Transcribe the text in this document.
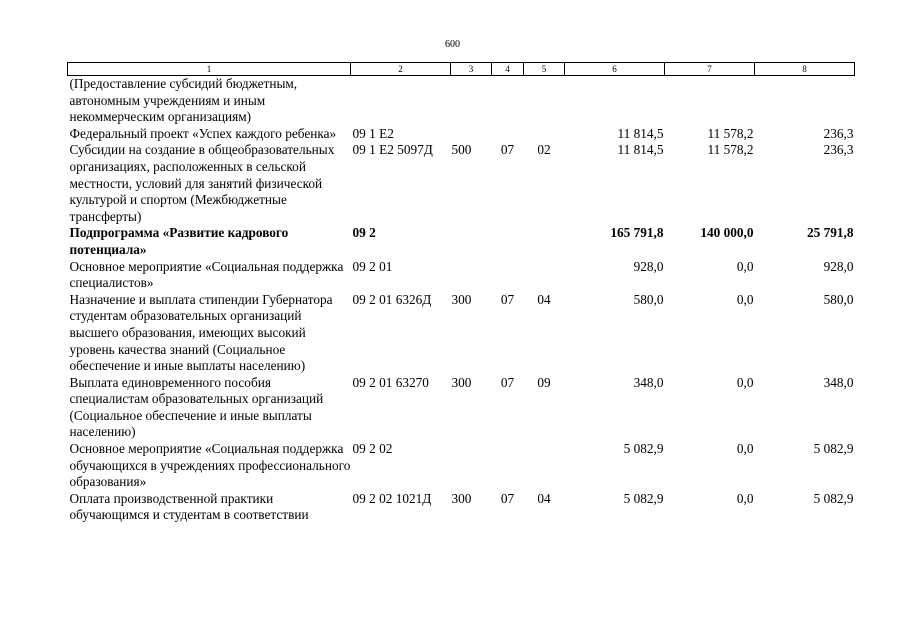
600
1	2	3	4	5	6	7	8
(Предоставление субсидий бюджетным, автономным учреждениям и иным некоммерческим организациям)							
Федеральный проект «Успех каждого ребенка»	09 1 E2				11 814,5	11 578,2	236,3
Субсидии на создание в общеобразовательных организациях, расположенных в сельской местности, условий для занятий физической культурой и спортом (Межбюджетные трансферты)	09 1 E2 5097Д	500	07	02	11 814,5	11 578,2	236,3
Подпрограмма «Развитие кадрового потенциала»	09 2				165 791,8	140 000,0	25 791,8
Основное мероприятие «Социальная поддержка специалистов»	09 2 01				928,0	0,0	928,0
Назначение и выплата стипендии Губернатора студентам образовательных организаций высшего образования, имеющих высокий уровень качества знаний (Социальное обеспечение и иные выплаты населению)	09 2 01 6326Д	300	07	04	580,0	0,0	580,0
Выплата единовременного пособия специалистам образовательных организаций (Социальное обеспечение и иные выплаты населению)	09 2 01 63270	300	07	09	348,0	0,0	348,0
Основное мероприятие «Социальная поддержка обучающихся в учреждениях профессионального образования»	09 2 02				5 082,9	0,0	5 082,9
Оплата производственной практики обучающимся и студентам в соответствии	09 2 02 1021Д	300	07	04	5 082,9	0,0	5 082,9
